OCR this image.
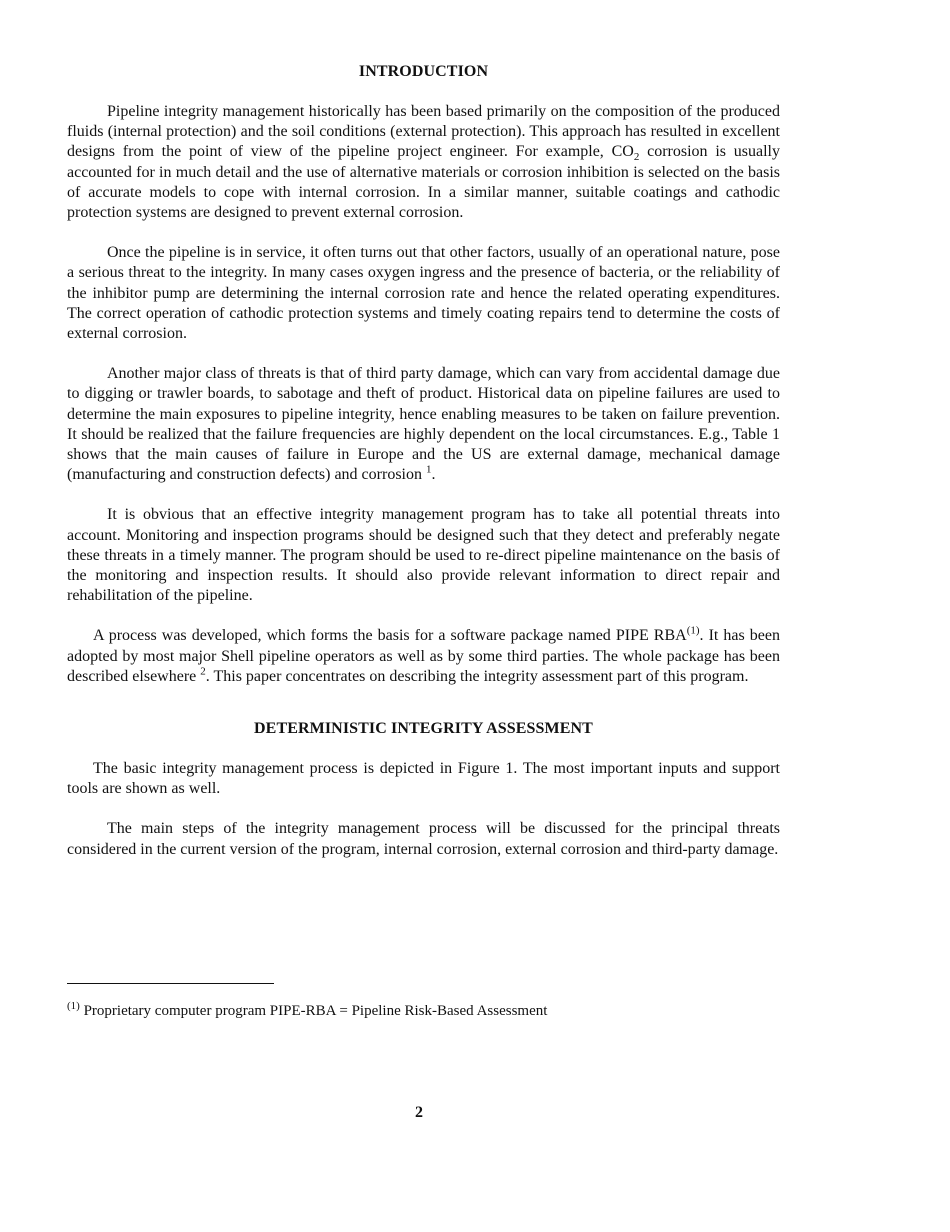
INTRODUCTION

Pipeline integrity management historically has been based primarily on the composition of the produced fluids (internal protection) and the soil conditions (external protection). This approach has resulted in excellent designs from the point of view of the pipeline project engineer. For example, $CO_2$ corrosion is usually accounted for in much detail and the use of alternative materials or corrosion inhibition is selected on the basis of accurate models to cope with internal corrosion. In a similar manner, suitable coatings and cathodic protection systems are designed to prevent external corrosion.

Once the pipeline is in service, it often turns out that other factors, usually of an operational nature, pose a serious threat to the integrity. In many cases oxygen ingress and the presence of bacteria, or the reliability of the inhibitor pump are determining the internal corrosion rate and hence the related operating expenditures. The correct operation of cathodic protection systems and timely coating repairs tend to determine the costs of external corrosion.

Another major class of threats is that of third party damage, which can vary from accidental damage due to digging or trawler boards, to sabotage and theft of product. Historical data on pipeline failures are used to determine the main exposures to pipeline integrity, hence enabling measures to be taken on failure prevention. It should be realized that the failure frequencies are highly dependent on the local circumstances. E.g., Table 1 shows that the main causes of failure in Europe and the US are external damage, mechanical damage (manufacturing and construction defects) and corrosion $^1$.

It is obvious that an effective integrity management program has to take all potential threats into account. Monitoring and inspection programs should be designed such that they detect and preferably negate these threats in a timely manner. The program should be used to re-direct pipeline maintenance on the basis of the monitoring and inspection results. It should also provide relevant information to direct repair and rehabilitation of the pipeline.

A process was developed, which forms the basis for a software package named PIPE RBA$^{(1)}$. It has been adopted by most major Shell pipeline operators as well as by some third parties. The whole package has been described elsewhere $^2$. This paper concentrates on describing the integrity assessment part of this program.

DETERMINISTIC INTEGRITY ASSESSMENT

The basic integrity management process is depicted in Figure 1. The most important inputs and support tools are shown as well.

The main steps of the integrity management process will be discussed for the principal threats considered in the current version of the program, internal corrosion, external corrosion and third-party damage.

$^{(1)}$ Proprietary computer program PIPE-RBA = Pipeline Risk-Based Assessment
2
